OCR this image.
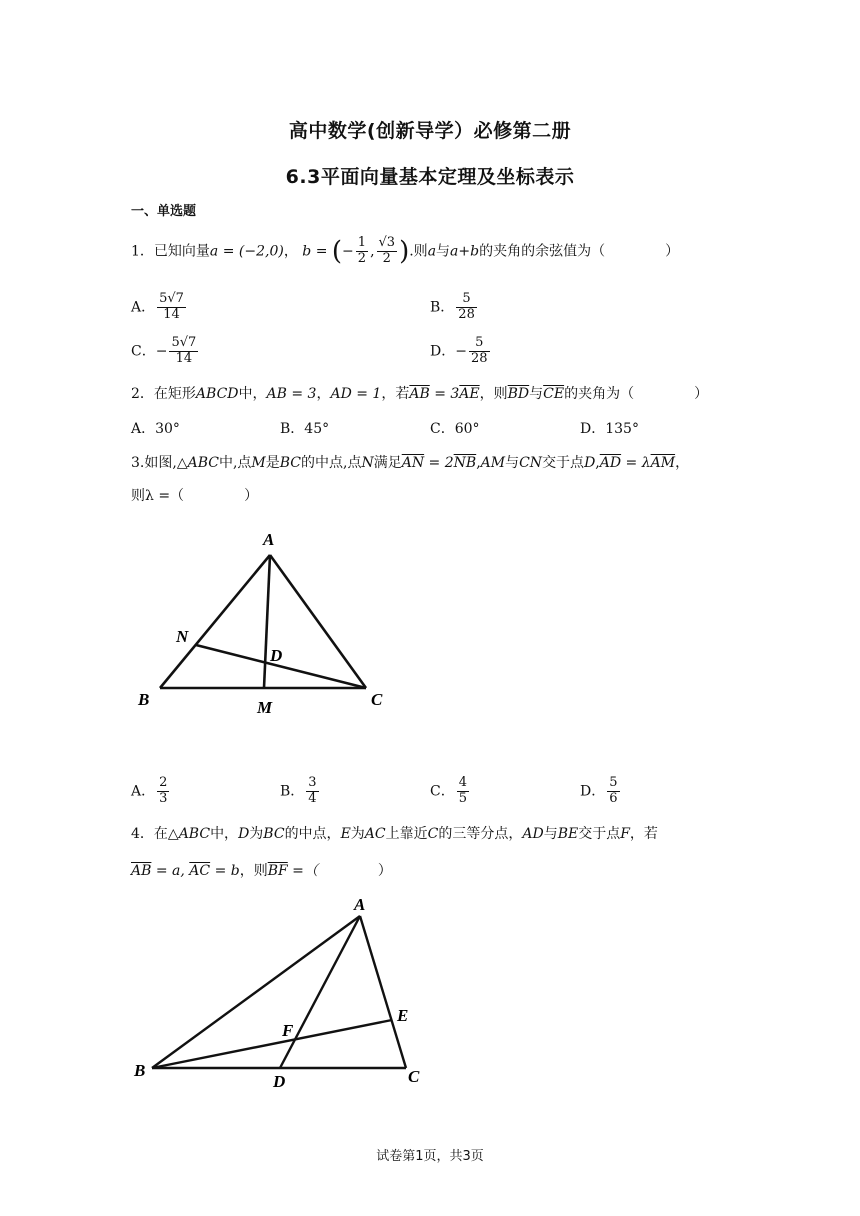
高中数学(创新导学）必修第二册
6.3平面向量基本定理及坐标表示
一、单选题
1．已知向量a = (−2,0)， b = (− $\frac{1}{2}$ , $\frac{√3}{2}$ ).则a与a+b的夹角的余弦值为（	）
A． $\frac{5√7}{14}$	B． $\frac{5}{28}$
C．− $\frac{5√7}{14}$	D．− $\frac{5}{28}$
2．在矩形ABCD中，AB = 3，AD = 1，若$\overline{AB} = 3\overline{AE}$，则$\overline{BD}$与$\overline{CE}$的夹角为（	）
A．30°	B．45°	C．60°	D．135°
3.如图,△ABC中,点M是BC的中点,点N满足$\overline{AN} = 2\overline{NB},AM$与CN交于点$D,\overline{AD} = \lambda\overline{AM}$，
则λ =（	）
A
B	C
M
N
D
A． $\frac{2}{3}$	B． $\frac{3}{4}$	C． $\frac{4}{5}$	D． $\frac{5}{6}$
4．在△ABC中，D为BC的中点，E为AC上靠近C的三等分点，AD与BE交于点F，若
$\overline{AB} = a$, $\overline{AC} = b$，则$\overline{BF}$ =（	）
A
B	C
D
E
F
试卷第1页，共3页
